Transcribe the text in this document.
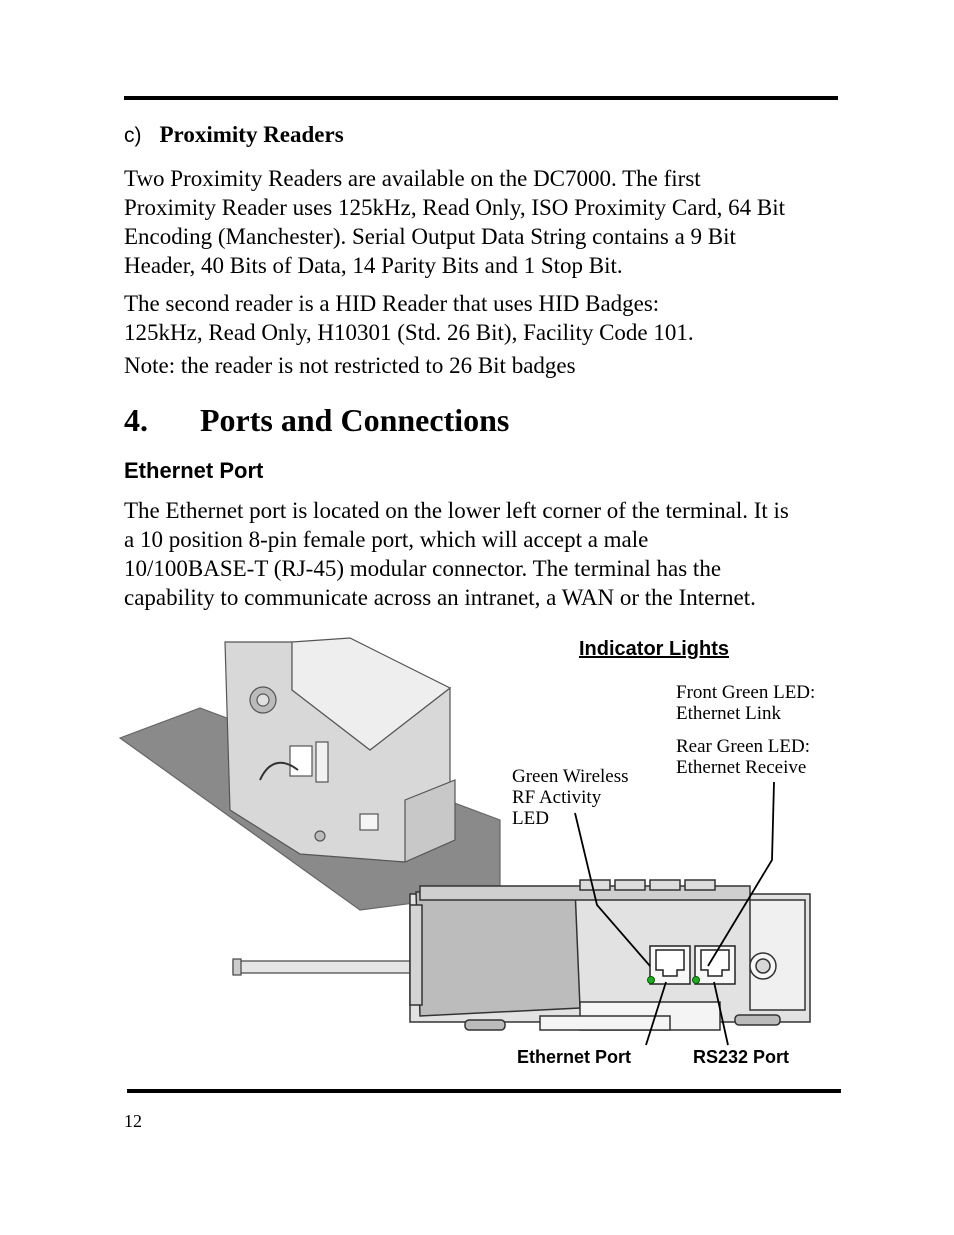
c) Proximity Readers
Two Proximity Readers are available on the DC7000. The first
Proximity Reader uses 125kHz, Read Only, ISO Proximity Card, 64 Bit
Encoding (Manchester). Serial Output Data String contains a 9 Bit
Header, 40 Bits of Data, 14 Parity Bits and 1 Stop Bit.
The second reader is a HID Reader that uses HID Badges:
125kHz, Read Only, H10301 (Std. 26 Bit), Facility Code 101.
Note: the reader is not restricted to 26 Bit badges
4. Ports and Connections
Ethernet Port
The Ethernet port is located on the lower left corner of the terminal. It is
a 10 position 8-pin female port, which will accept a male
10/100BASE-T (RJ-45) modular connector. The terminal has the
capability to communicate across an intranet, a WAN or the Internet.
Indicator Lights
Front Green LED:
Ethernet Link
Rear Green LED:
Ethernet Receive
Green Wireless
RF Activity
LED
Ethernet Port	RS232 Port
12
